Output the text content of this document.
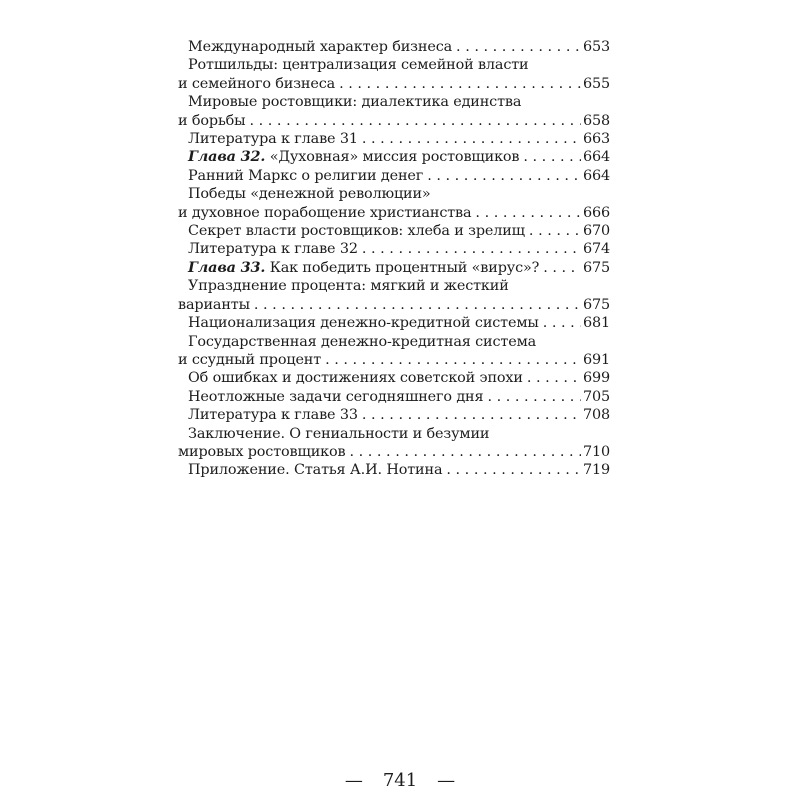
Международный характер бизнеса . . .	653
Ротшильды: централизация семейной власти
и семейного бизнеса . . .	655
Мировые ростовщики: диалектика единства
и борьбы . . .	658
Литература к главе 31 . . .	663
Глава 32. «Духовная» миссия ростовщиков . . .	664
Ранний Маркс о религии денег . . .	664
Победы «денежной революции»
и духовное порабощение христианства . . .	666
Секрет власти ростовщиков: хлеба и зрелищ . . .	670
Литература к главе 32 . . .	674
Глава 33. Как победить процентный «вирус»? . . .	675
Упразднение процента: мягкий и жесткий
варианты . . .	675
Национализация денежно-кредитной системы . . .	681
Государственная денежно-кредитная система
и ссудный процент . . .	691
Об ошибках и достижениях советской эпохи . . .	699
Неотложные задачи сегодняшнего дня . . .	705
Литература к главе 33 . . .	708
Заключение. О гениальности и безумии
мировых ростовщиков . . .	710
Приложение. Статья А.И. Нотина . . .	719
— 741 —
